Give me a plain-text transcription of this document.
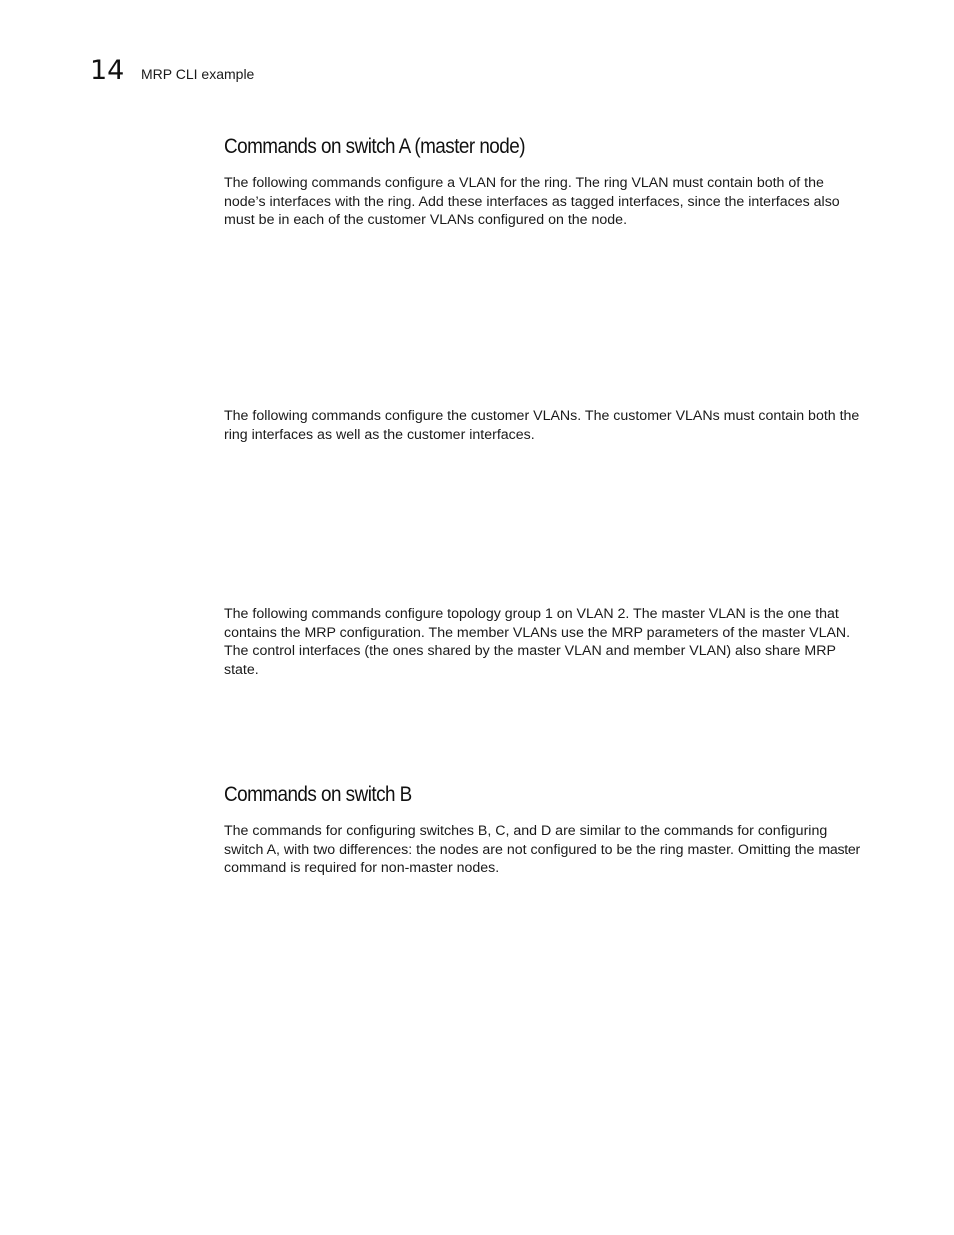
14 MRP CLI example
Commands on switch A (master node)

The following commands configure a VLAN for the ring. The ring VLAN must contain both of the node’s interfaces with the ring. Add these interfaces as tagged interfaces, since the interfaces also must be in each of the customer VLANs configured on the node.

The following commands configure the customer VLANs. The customer VLANs must contain both the ring interfaces as well as the customer interfaces.

The following commands configure topology group 1 on VLAN 2. The master VLAN is the one that contains the MRP configuration. The member VLANs use the MRP parameters of the master VLAN. The control interfaces (the ones shared by the master VLAN and member VLAN) also share MRP state.

Commands on switch B

The commands for configuring switches B, C, and D are similar to the commands for configuring switch A, with two differences: the nodes are not configured to be the ring master. Omitting the master command is required for non-master nodes.
